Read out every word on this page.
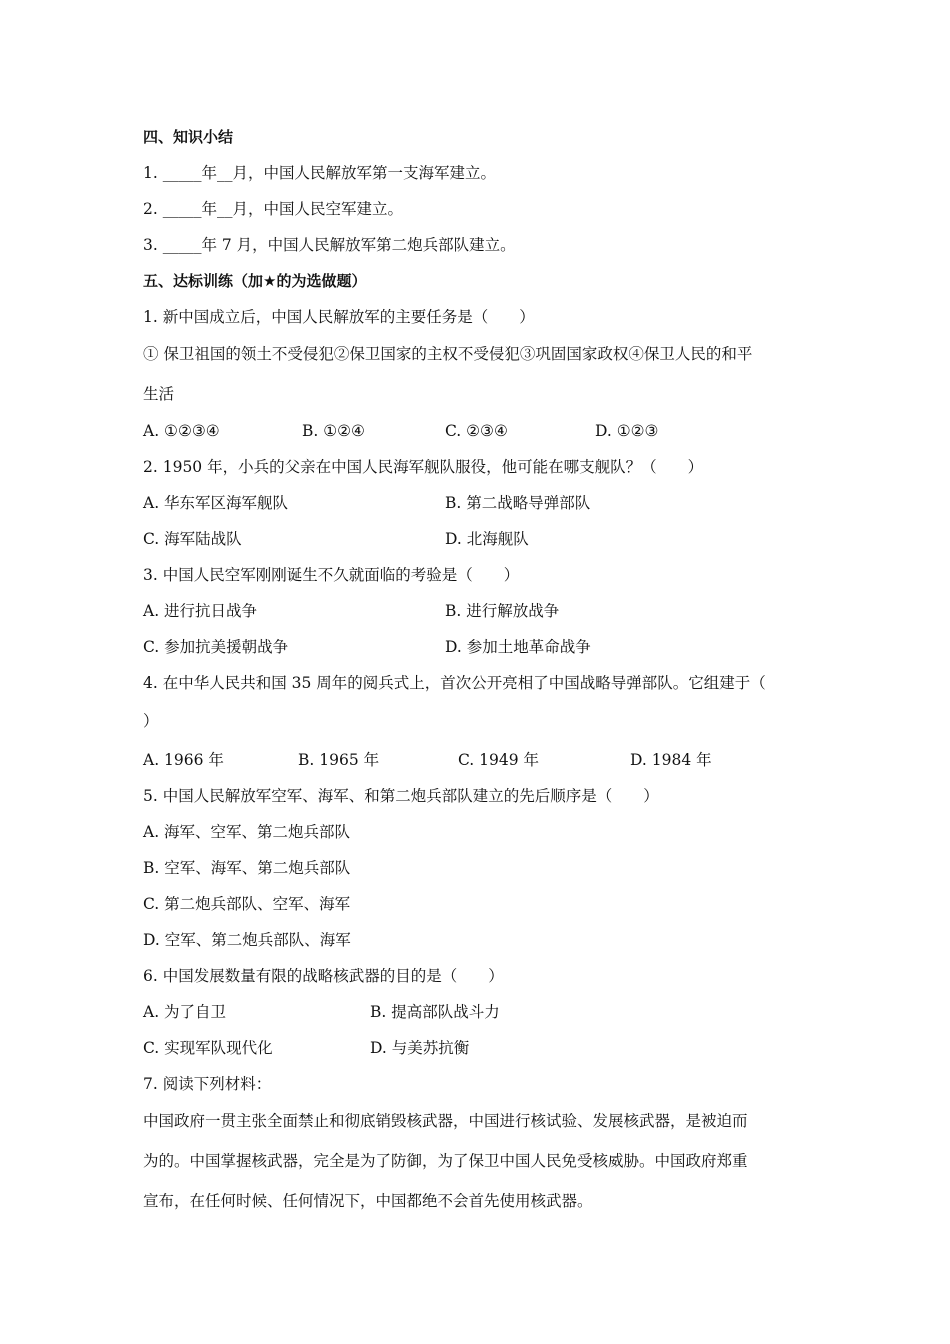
四、知识小结
1. _____年__月，中国人民解放军第一支海军建立。
2. _____年__月，中国人民空军建立。
3. _____年 7 月，中国人民解放军第二炮兵部队建立。
五、达标训练（加★的为选做题）
1. 新中国成立后，中国人民解放军的主要任务是（　　）
① 保卫祖国的领土不受侵犯②保卫国家的主权不受侵犯③巩固国家政权④保卫人民的和平
生活
A. ①②③④	B. ①②④	C. ②③④	D. ①②③
2. 1950 年，小兵的父亲在中国人民海军舰队服役，他可能在哪支舰队？（　　）
A. 华东军区海军舰队	B. 第二战略导弹部队
C. 海军陆战队	D. 北海舰队
3. 中国人民空军刚刚诞生不久就面临的考验是（　　）
A. 进行抗日战争	B. 进行解放战争
C. 参加抗美援朝战争	D. 参加土地革命战争
4. 在中华人民共和国 35 周年的阅兵式上，首次公开亮相了中国战略导弹部队。它组建于（
）
A. 1966 年	B. 1965 年	C. 1949 年	D. 1984 年
5. 中国人民解放军空军、海军、和第二炮兵部队建立的先后顺序是（　　）
A. 海军、空军、第二炮兵部队
B. 空军、海军、第二炮兵部队
C. 第二炮兵部队、空军、海军
D. 空军、第二炮兵部队、海军
6. 中国发展数量有限的战略核武器的目的是（　　）
A. 为了自卫	B. 提高部队战斗力
C. 实现军队现代化	D. 与美苏抗衡
7. 阅读下列材料：
中国政府一贯主张全面禁止和彻底销毁核武器，中国进行核试验、发展核武器，是被迫而
为的。中国掌握核武器，完全是为了防御，为了保卫中国人民免受核威胁。中国政府郑重
宣布，在任何时候、任何情况下，中国都绝不会首先使用核武器。
